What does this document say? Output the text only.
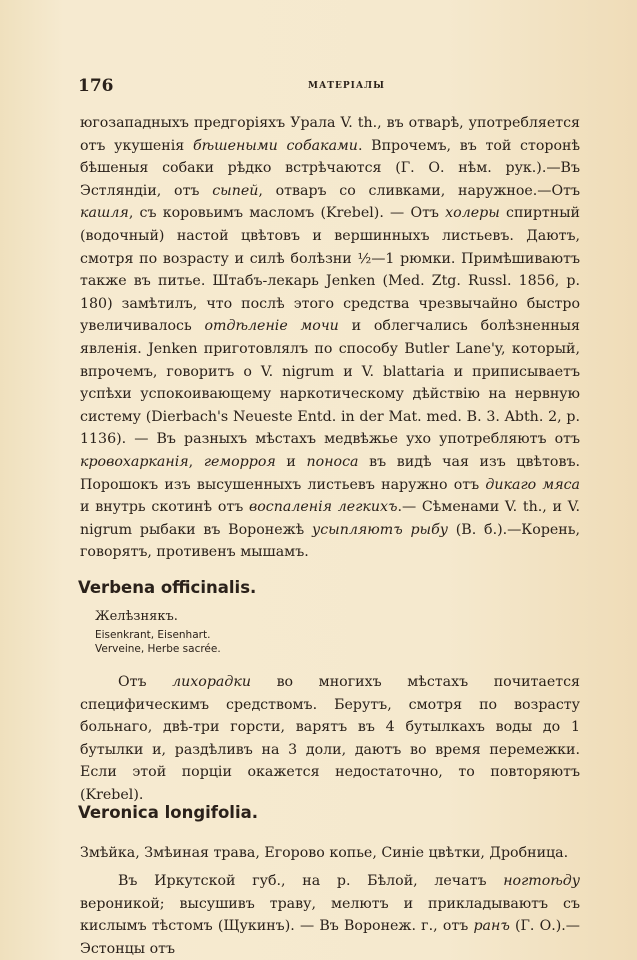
176	МАТЕРІАЛЫ

югозападныхъ предгоріяхъ Урала V. th., въ отварѣ, употребляется отъ укушенія бѣшеными собаками. Впрочемъ, въ той сторонѣ бѣшеныя собаки рѣдко встрѣчаются (Г. О. нѣм. рук.).—Въ Эстляндіи, отъ сыпей, отваръ со сливками, наружное.—Отъ кашля, съ коровьимъ масломъ (Krebel). — Отъ холеры спиртный (водочный) настой цвѣтовъ и вершинныхъ листьевъ. Даютъ, смотря по возрасту и силѣ болѣзни ½—1 рюмки. Примѣшиваютъ также въ питье. Штабъ-лекарь Jenken (Med. Ztg. Russl. 1856, p. 180) замѣтилъ, что послѣ этого средства чрезвычайно быстро увеличивалось отдѣленіе мочи и облегчались болѣзненныя явленія. Jenken приготовлялъ по способу Butler Lane'y, который, впрочемъ, говоритъ о V. nigrum и V. blattaria и приписываетъ успѣхи успокоивающему наркотическому дѣйствію на нервную систему (Dierbach's Neueste Entd. in der Mat. med. B. 3. Abth. 2, p. 1136). — Въ разныхъ мѣстахъ медвѣжье ухо употребляютъ отъ кровохарканія, геморроя и поноса въ видѣ чая изъ цвѣтовъ. Порошокъ изъ высушенныхъ листьевъ наружно отъ дикаго мяса и внутрь скотинѣ отъ воспаленія легкихъ.— Сѣменами V. th., и V. nigrum рыбаки въ Воронежѣ усыпляютъ рыбу (В. б.).—Корень, говорятъ, противенъ мышамъ.

Verbena officinalis.
Желѣзнякъ.
Eisenkrant, Eisenhart.
Verveine, Herbe sacrée.

Отъ лихорадки во многихъ мѣстахъ почитается специфическимъ средствомъ. Берутъ, смотря по возрасту больнаго, двѣ-три горсти, варятъ въ 4 бутылкахъ воды до 1 бутылки и, раздѣливъ на 3 доли, даютъ во время перемежки. Если этой порціи окажется недостаточно, то повторяютъ (Krebel).

Veronica longifolia.

Змѣйка, Змѣиная трава, Егорово копье, Синіе цвѣтки, Дробница.

Въ Иркутской губ., на р. Бѣлой, лечатъ ногтоѣду вероникой; высушивъ траву, мелютъ и прикладываютъ съ кислымъ тѣстомъ (Щукинъ). — Въ Воронеж. г., отъ ранъ (Г. О.).—Эстонцы отъ
